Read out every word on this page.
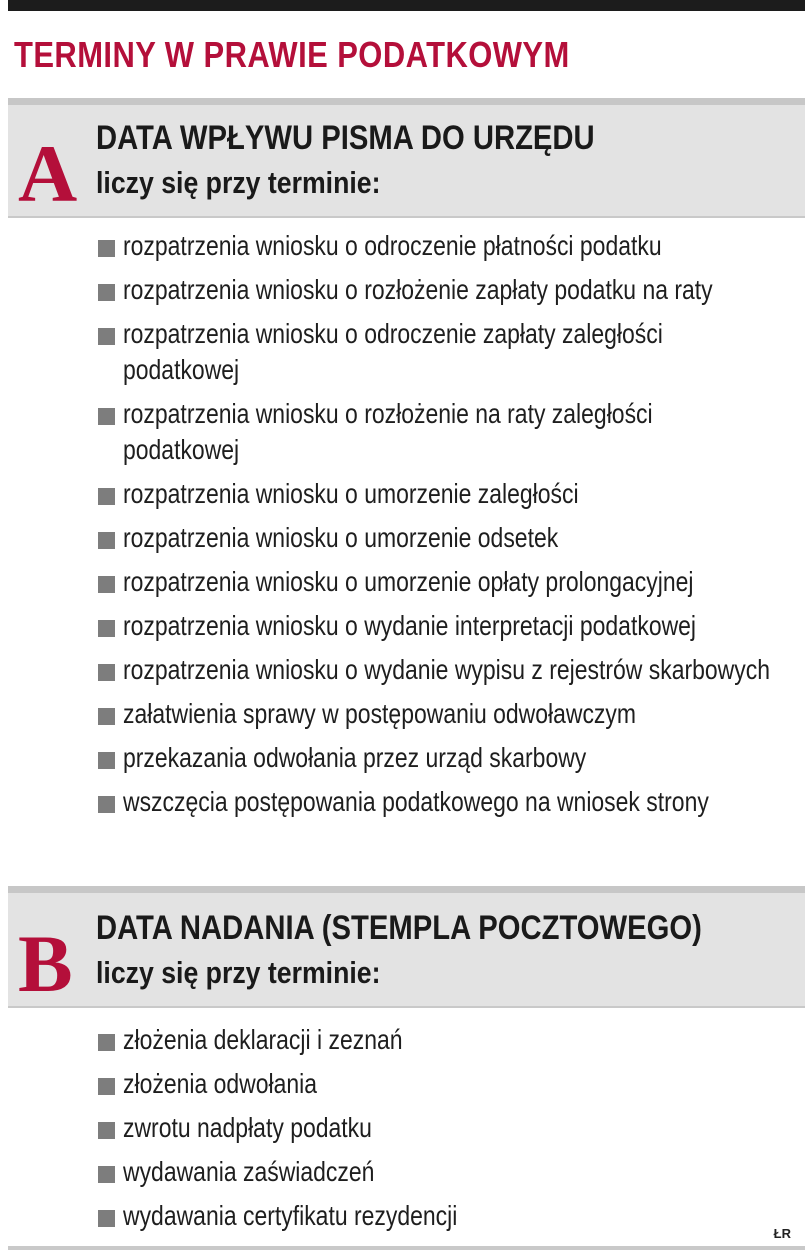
TERMINY W PRAWIE PODATKOWYM
A DATA WPŁYWU PISMA DO URZĘDU
liczy się przy terminie:
rozpatrzenia wniosku o odroczenie płatności podatku
rozpatrzenia wniosku o rozłożenie zapłaty podatku na raty
rozpatrzenia wniosku o odroczenie zapłaty zaległości podatkowej
rozpatrzenia wniosku o rozłożenie na raty zaległości podatkowej
rozpatrzenia wniosku o umorzenie zaległości
rozpatrzenia wniosku o umorzenie odsetek
rozpatrzenia wniosku o umorzenie opłaty prolongacyjnej
rozpatrzenia wniosku o wydanie interpretacji podatkowej
rozpatrzenia wniosku o wydanie wypisu z rejestrów skarbowych
załatwienia sprawy w postępowaniu odwoławczym
przekazania odwołania przez urząd skarbowy
wszczęcia postępowania podatkowego na wniosek strony
B DATA NADANIA (STEMPLA POCZTOWEGO)
liczy się przy terminie:
złożenia deklaracji i zeznań
złożenia odwołania
zwrotu nadpłaty podatku
wydawania zaświadczeń
wydawania certyfikatu rezydencji
ŁR
